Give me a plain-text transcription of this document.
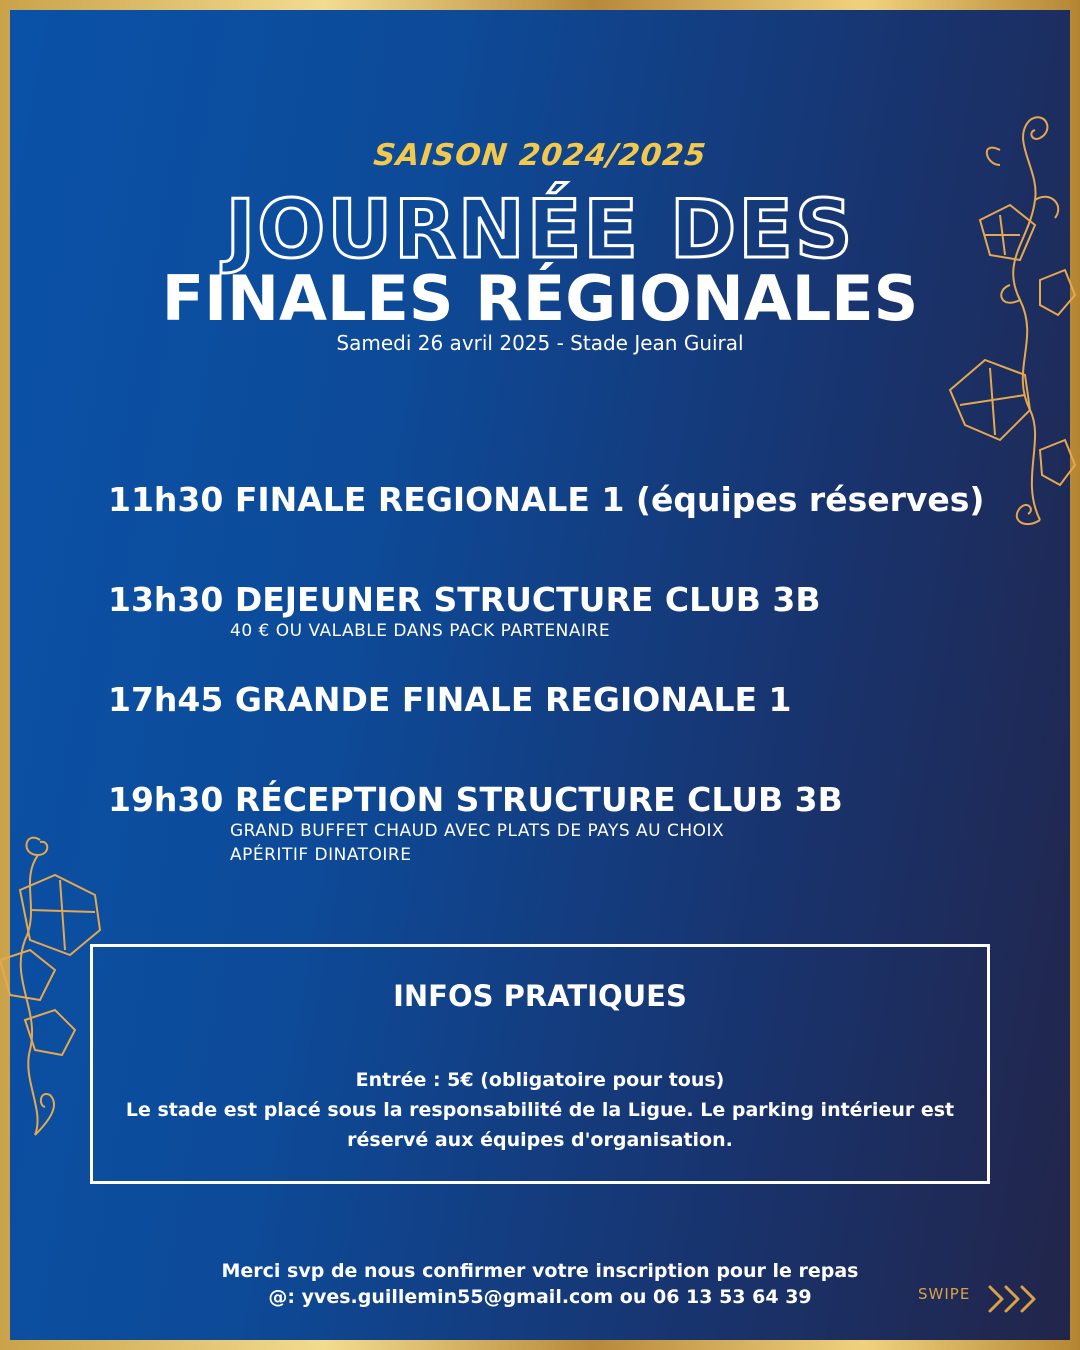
SAISON 2024/2025
JOURNÉE DES
FINALES RÉGIONALES
Samedi 26 avril 2025 - Stade Jean Guiral
11h30 FINALE REGIONALE 1 (équipes réserves)
13h30 DEJEUNER STRUCTURE CLUB 3B
40 € OU VALABLE DANS PACK PARTENAIRE
17h45 GRANDE FINALE REGIONALE 1
19h30 RÉCEPTION STRUCTURE CLUB 3B
GRAND BUFFET CHAUD AVEC PLATS DE PAYS AU CHOIX
APÉRITIF DINATOIRE
INFOS PRATIQUES
Entrée : 5€ (obligatoire pour tous)
Le stade est placé sous la responsabilité de la Ligue. Le parking intérieur est
réservé aux équipes d'organisation.
Merci svp de nous confirmer votre inscription pour le repas
@: yves.guillemin55@gmail.com ou 06 13 53 64 39	SWIPE
